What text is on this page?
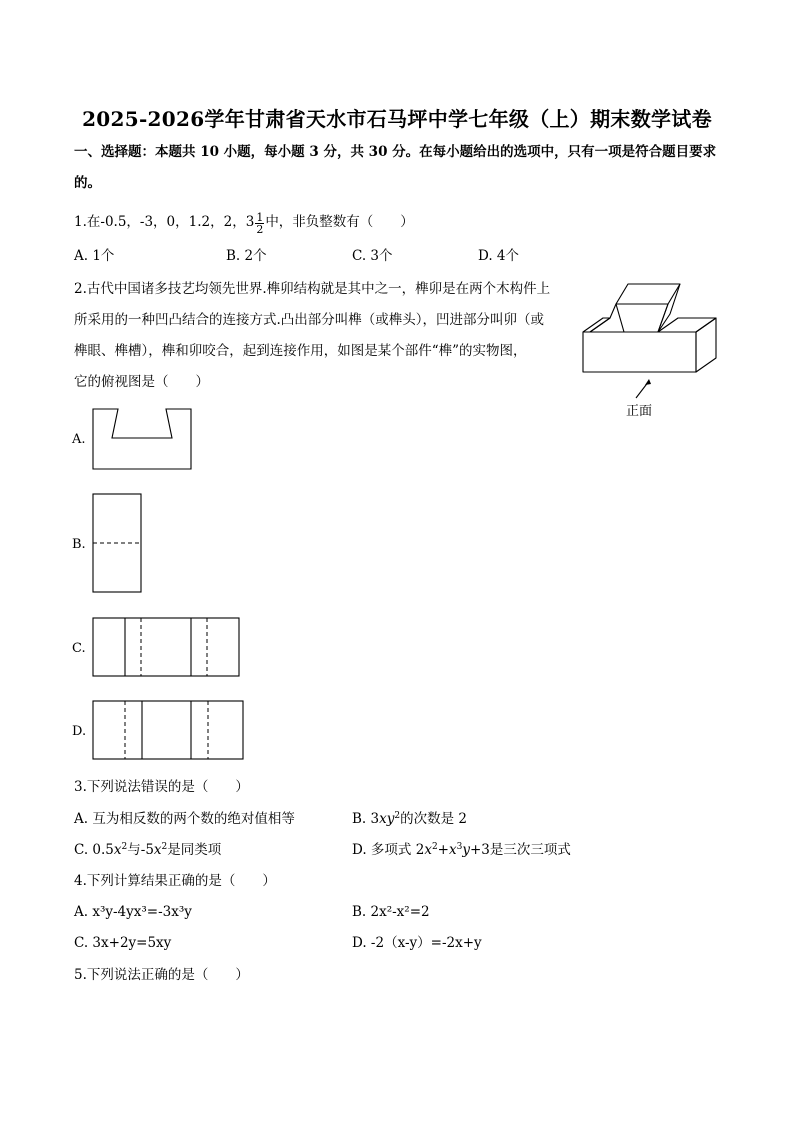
2025-2026学年甘肃省天水市石马坪中学七年级（上）期末数学试卷
一、选择题：本题共 10 小题，每小题 3 分，共 30 分。在每小题给出的选项中，只有一项是符合题目要求
的。
1.在-0.5，-3，0，1.2，2，$3 \frac{1}{2}$ 中，非负整数有（　　）
A. 1个	B. 2个	C. 3个	D. 4个
2.古代中国诸多技艺均领先世界.榫卯结构就是其中之一，榫卯是在两个木构件上
所采用的一种凹凸结合的连接方式.凸出部分叫榫（或榫头），凹进部分叫卯（或
榫眼、榫槽），榫和卯咬合，起到连接作用，如图是某个部件“榫”的实物图，
它的俯视图是（　　）
正面
A.
B.
C.
D.
3.下列说法错误的是（　　）
A. 互为相反数的两个数的绝对值相等	B. $3xy^2$的次数是 2
C. $0.5x^2$与$-5x^2$是同类项	D. 多项式 $2x^2+x^3y+3$是三次三项式
4.下列计算结果正确的是（　　）
A. x³y-4yx³=-3x³y	B. 2x²-x²=2
C. 3x+2y=5xy	D. -2（x-y）=-2x+y
5.下列说法正确的是（　　）
